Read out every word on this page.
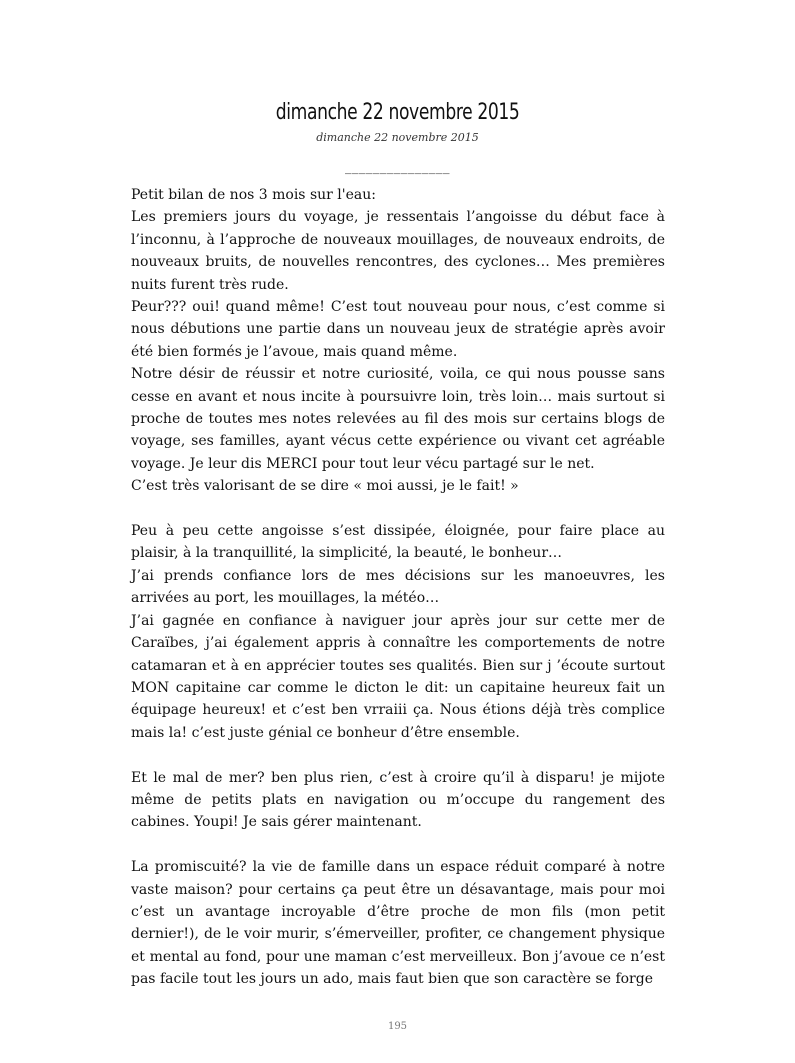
dimanche 22 novembre 2015
dimanche 22 novembre 2015
_______________

Petit bilan de nos 3 mois sur l'eau:

Les premiers jours du voyage, je ressentais l’angoisse du début face à l’inconnu, à l’approche de nouveaux mouillages, de nouveaux endroits, de nouveaux bruits, de nouvelles rencontres, des cyclones… Mes premières nuits furent très rude.

Peur??? oui! quand même! C’est tout nouveau pour nous, c’est comme si nous débutions une partie dans un nouveau jeux de stratégie après avoir été bien formés je l’avoue, mais quand même.

Notre désir de réussir et notre curiosité, voila, ce qui nous pousse sans cesse en avant et nous incite à poursuivre loin, très loin… mais surtout si proche de toutes mes notes relevées au fil des mois sur certains blogs de voyage, ses familles, ayant vécus cette expérience ou vivant cet agréable voyage. Je leur dis MERCI pour tout leur vécu partagé sur le net.

C’est très valorisant de se dire « moi aussi, je le fait! »

Peu à peu cette angoisse s’est dissipée, éloignée, pour faire place au plaisir, à la tranquillité, la simplicité, la beauté, le bonheur…

J’ai prends confiance lors de mes décisions sur les manoeuvres, les arrivées au port, les mouillages, la météo…

J’ai gagnée en confiance à naviguer jour après jour sur cette mer de Caraïbes, j’ai également appris à connaître les comportements de notre catamaran et à en apprécier toutes ses qualités. Bien sur j ’écoute surtout MON capitaine car comme le dicton le dit: un capitaine heureux fait un équipage heureux! et c’est ben vrraiii ça. Nous étions déjà très complice mais la! c’est juste génial ce bonheur d’être ensemble.

Et le mal de mer? ben plus rien, c’est à croire qu’il à disparu! je mijote même de petits plats en navigation ou m’occupe du rangement des cabines. Youpi! Je sais gérer maintenant.

La promiscuité? la vie de famille dans un espace réduit comparé à notre vaste maison? pour certains ça peut être un désavantage, mais pour moi c’est un avantage incroyable d’être proche de mon fils (mon petit dernier!), de le voir murir, s’émerveiller, profiter, ce changement physique et mental au fond, pour une maman c’est merveilleux. Bon j’avoue ce n’est pas facile tout les jours un ado, mais faut bien que son caractère se forge

195
